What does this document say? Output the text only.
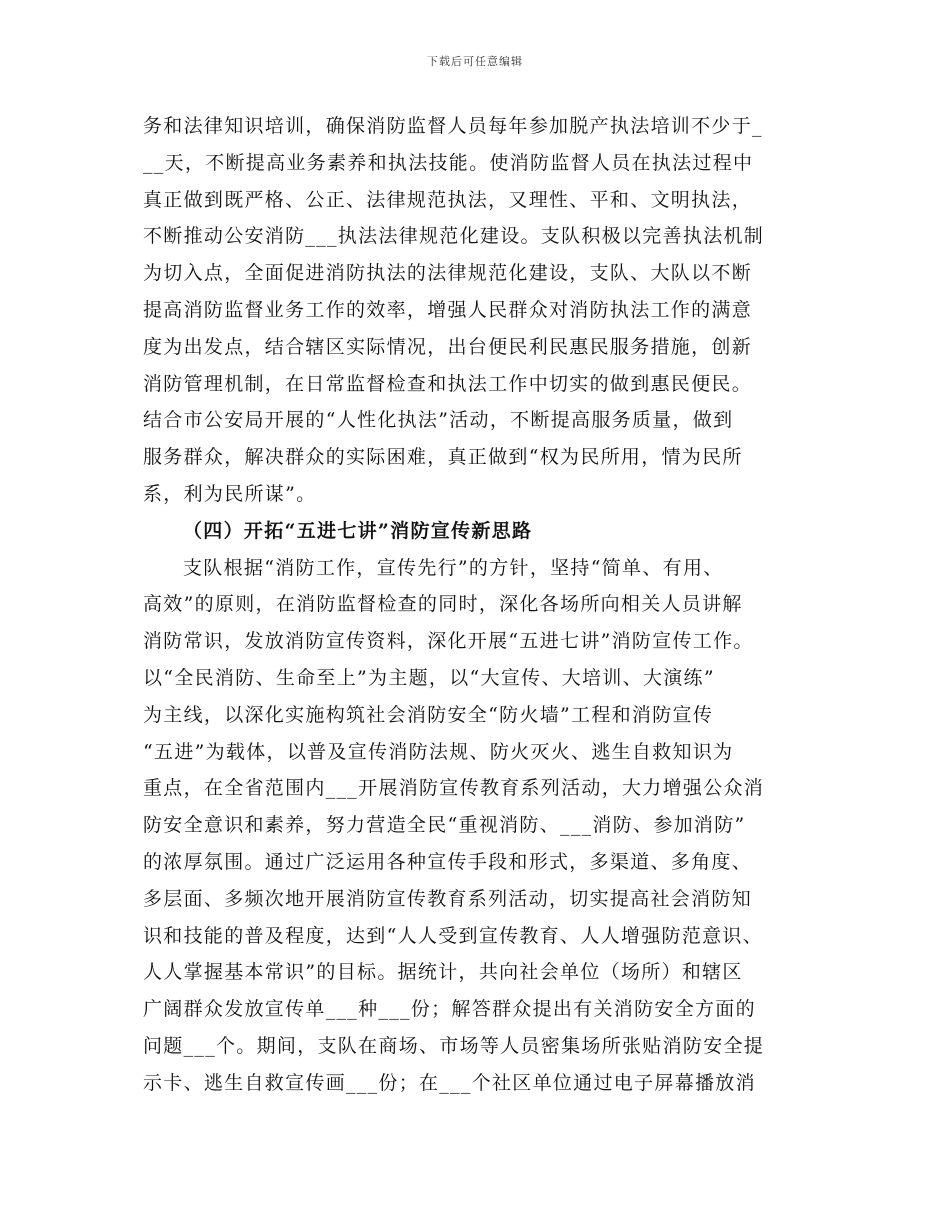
下载后可任意编辑
务和法律知识培训，确保消防监督人员每年参加脱产执法培训不少于_
__天，不断提高业务素养和执法技能。使消防监督人员在执法过程中
真正做到既严格、公正、法律规范执法，又理性、平和、文明执法，
不断推动公安消防___执法法律规范化建设。支队积极以完善执法机制
为切入点，全面促进消防执法的法律规范化建设，支队、大队以不断
提高消防监督业务工作的效率，增强人民群众对消防执法工作的满意
度为出发点，结合辖区实际情况，出台便民利民惠民服务措施，创新
消防管理机制，在日常监督检查和执法工作中切实的做到惠民便民。
结合市公安局开展的“人性化执法”活动，不断提高服务质量，做到
服务群众，解决群众的实际困难，真正做到“权为民所用，情为民所
系，利为民所谋”。
（四）开拓“五进七讲”消防宣传新思路
支队根据“消防工作，宣传先行”的方针，坚持“简单、有用、
高效”的原则，在消防监督检查的同时，深化各场所向相关人员讲解
消防常识，发放消防宣传资料，深化开展“五进七讲”消防宣传工作。
以“全民消防、生命至上”为主题，以“大宣传、大培训、大演练”
为主线，以深化实施构筑社会消防安全“防火墙”工程和消防宣传
“五进”为载体，以普及宣传消防法规、防火灭火、逃生自救知识为
重点，在全省范围内___开展消防宣传教育系列活动，大力增强公众消
防安全意识和素养，努力营造全民“重视消防、___消防、参加消防”
的浓厚氛围。通过广泛运用各种宣传手段和形式，多渠道、多角度、
多层面、多频次地开展消防宣传教育系列活动，切实提高社会消防知
识和技能的普及程度，达到“人人受到宣传教育、人人增强防范意识、
人人掌握基本常识”的目标。据统计，共向社会单位（场所）和辖区
广阔群众发放宣传单___种___份；解答群众提出有关消防安全方面的
问题___个。期间，支队在商场、市场等人员密集场所张贴消防安全提
示卡、逃生自救宣传画___份；在___个社区单位通过电子屏幕播放消
